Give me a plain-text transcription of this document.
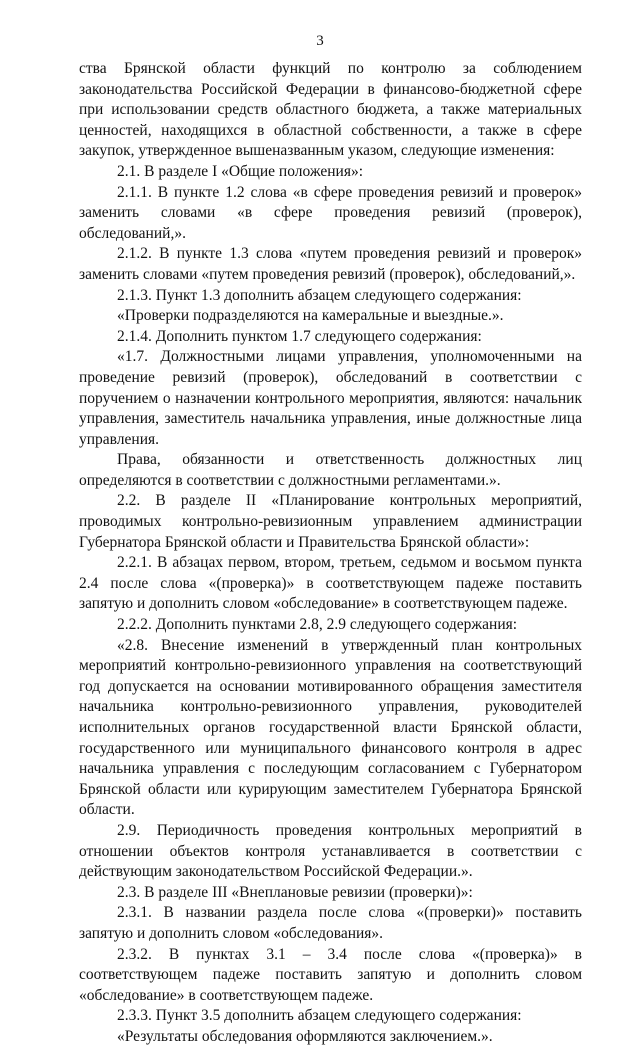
3

ства Брянской области функций по контролю за соблюдением законодательства Российской Федерации в финансово-бюджетной сфере при использовании средств областного бюджета, а также материальных ценностей, находящихся в областной собственности, а также в сфере закупок, утвержденное вышеназванным указом, следующие изменения:

2.1. В разделе I «Общие положения»:

2.1.1. В пункте 1.2 слова «в сфере проведения ревизий и проверок» заменить словами «в сфере проведения ревизий (проверок), обследований,».

2.1.2. В пункте 1.3 слова «путем проведения ревизий и проверок» заменить словами «путем проведения ревизий (проверок), обследований,».

2.1.3. Пункт 1.3 дополнить абзацем следующего содержания:

«Проверки подразделяются на камеральные и выездные.».

2.1.4. Дополнить пунктом 1.7 следующего содержания:

«1.7. Должностными лицами управления, уполномоченными на проведение ревизий (проверок), обследований в соответствии с поручением о назначении контрольного мероприятия, являются: начальник управления, заместитель начальника управления, иные должностные лица управления.

Права, обязанности и ответственность должностных лиц определяются в соответствии с должностными регламентами.».

2.2. В разделе II «Планирование контрольных мероприятий, проводимых контрольно-ревизионным управлением администрации Губернатора Брянской области и Правительства Брянской области»:

2.2.1. В абзацах первом, втором, третьем, седьмом и восьмом пункта 2.4 после слова «(проверка)» в соответствующем падеже поставить запятую и дополнить словом «обследование» в соответствующем падеже.

2.2.2. Дополнить пунктами 2.8, 2.9 следующего содержания:

«2.8. Внесение изменений в утвержденный план контрольных мероприятий контрольно-ревизионного управления на соответствующий год допускается на основании мотивированного обращения заместителя начальника контрольно-ревизионного управления, руководителей исполнительных органов государственной власти Брянской области, государственного или муниципального финансового контроля в адрес начальника управления с последующим согласованием с Губернатором Брянской области или курирующим заместителем Губернатора Брянской области.

2.9. Периодичность проведения контрольных мероприятий в отношении объектов контроля устанавливается в соответствии с действующим законодательством Российской Федерации.».

2.3. В разделе III «Внеплановые ревизии (проверки)»:

2.3.1. В названии раздела после слова «(проверки)» поставить запятую и дополнить словом «обследования».

2.3.2. В пунктах 3.1 – 3.4 после слова «(проверка)» в соответствующем падеже поставить запятую и дополнить словом «обследование» в соответствующем падеже.

2.3.3. Пункт 3.5 дополнить абзацем следующего содержания:

«Результаты обследования оформляются заключением.».
